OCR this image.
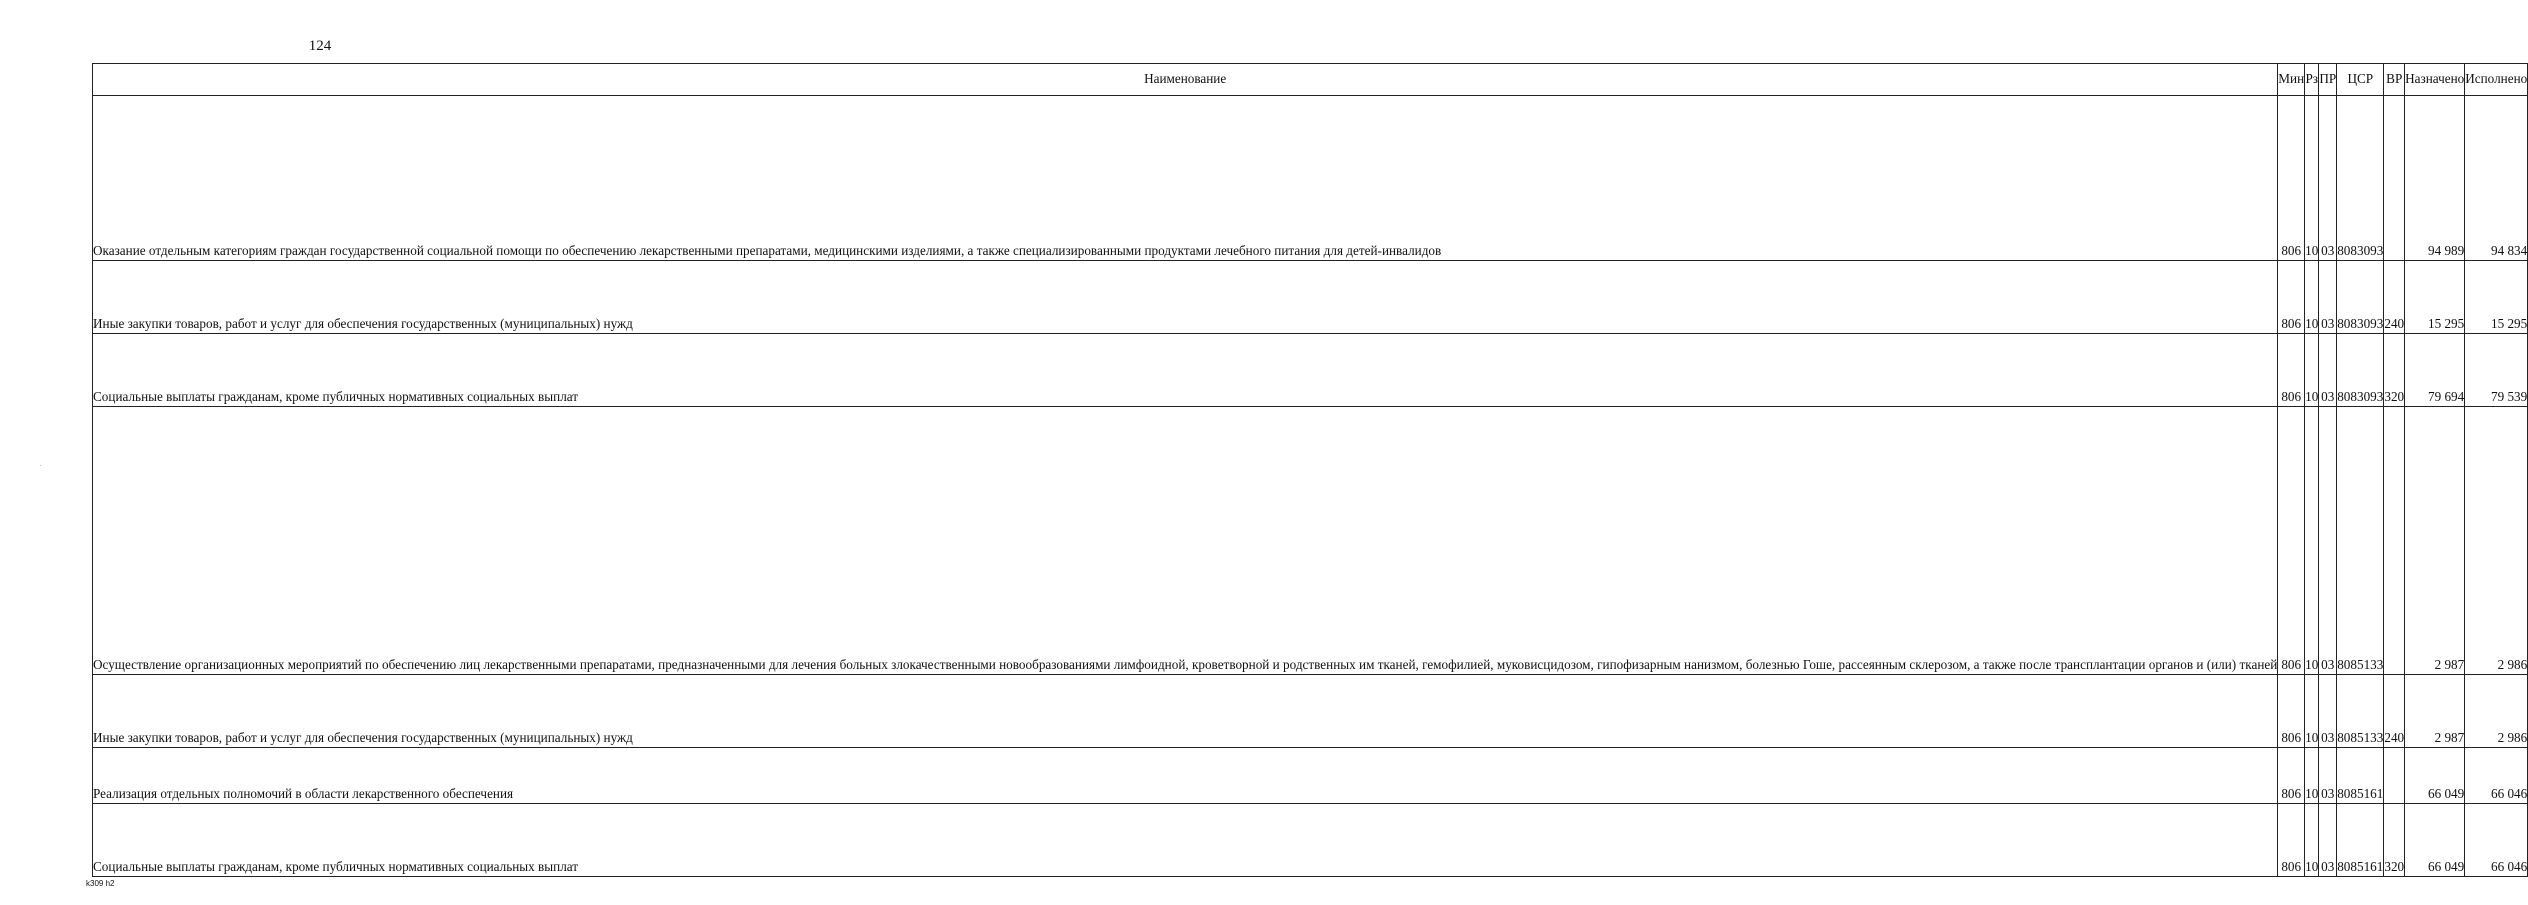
124
.
Наименование	Мин	Рз	ПР	ЦСР	ВР	Назначено	Исполнено
Оказание отдельным категориям граждан государственной социальной помощи по обеспечению лекарственными препаратами, медицинскими изделиями, а также специализированными продуктами лечебного питания для детей-инвалидов	806	10	03	8083093		94 989	94 834
Иные закупки товаров, работ и услуг для обеспечения государственных (муниципальных) нужд	806	10	03	8083093	240	15 295	15 295
Социальные выплаты гражданам, кроме публичных нормативных социальных выплат	806	10	03	8083093	320	79 694	79 539
Осуществление организационных мероприятий по обеспечению лиц лекарственными препаратами, предназначенными для лечения больных злокачественными новообразованиями лимфоидной, кроветворной и родственных им тканей, гемофилией, муковисцидозом, гипофизарным нанизмом, болезнью Гоше, рассеянным склерозом, а также после трансплантации органов и (или) тканей	806	10	03	8085133		2 987	2 986
Иные закупки товаров, работ и услуг для обеспечения государственных (муниципальных) нужд	806	10	03	8085133	240	2 987	2 986
Реализация отдельных полномочий в области лекарственного обеспечения	806	10	03	8085161		66 049	66 046
Социальные выплаты гражданам, кроме публичных нормативных социальных выплат	806	10	03	8085161	320	66 049	66 046
k309 h2
